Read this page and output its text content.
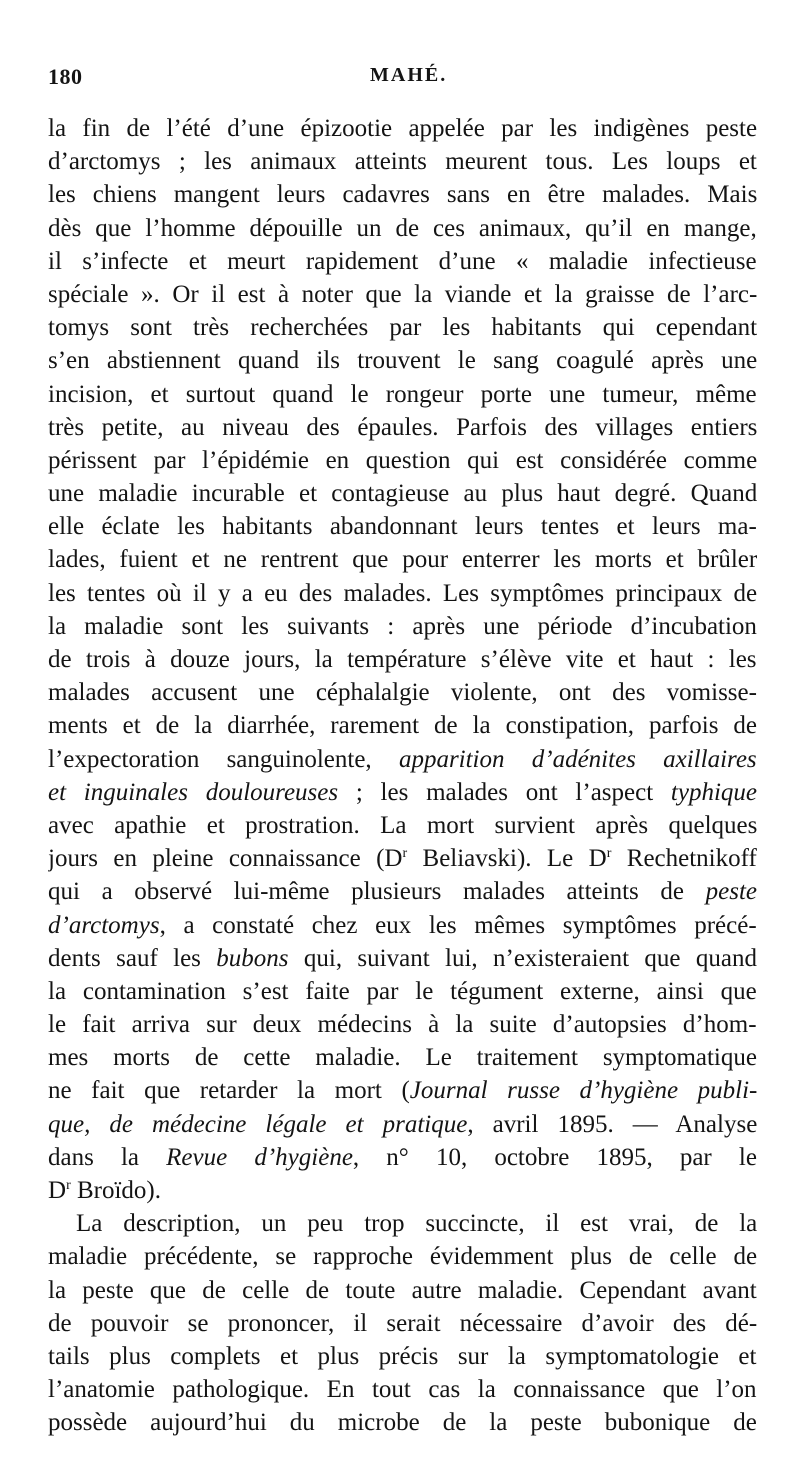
180	MAHÉ.
la fin de l’été d’une épizootie appelée par les indigènes peste
d’arctomys ; les animaux atteints meurent tous. Les loups et
les chiens mangent leurs cadavres sans en être malades. Mais
dès que l’homme dépouille un de ces animaux, qu’il en mange,
il s’infecte et meurt rapidement d’une « maladie infectieuse
spéciale ». Or il est à noter que la viande et la graisse de l’arc-
tomys sont très recherchées par les habitants qui cependant
s’en abstiennent quand ils trouvent le sang coagulé après une
incision, et surtout quand le rongeur porte une tumeur, même
très petite, au niveau des épaules. Parfois des villages entiers
périssent par l’épidémie en question qui est considérée comme
une maladie incurable et contagieuse au plus haut degré. Quand
elle éclate les habitants abandonnant leurs tentes et leurs ma-
lades, fuient et ne rentrent que pour enterrer les morts et brûler
les tentes où il y a eu des malades. Les symptômes principaux de
la maladie sont les suivants : après une période d’incubation
de trois à douze jours, la température s’élève vite et haut : les
malades accusent une céphalalgie violente, ont des vomisse-
ments et de la diarrhée, rarement de la constipation, parfois de
l’expectoration sanguinolente, apparition d’adénites axillaires
et inguinales douloureuses ; les malades ont l’aspect typhique
avec apathie et prostration. La mort survient après quelques
jours en pleine connaissance ($D^r$ Beliavski). Le $D^r$ Rechetnikoff
qui a observé lui-même plusieurs malades atteints de peste
d’arctomys, a constaté chez eux les mêmes symptômes précé-
dents sauf les bubons qui, suivant lui, n’existeraient que quand
la contamination s’est faite par le tégument externe, ainsi que
le fait arriva sur deux médecins à la suite d’autopsies d’hom-
mes morts de cette maladie. Le traitement symptomatique
ne fait que retarder la mort (Journal russe d’hygiène publi-
que, de médecine légale et pratique, avril 1895. — Analyse
dans la Revue d’hygiène, n° 10, octobre 1895, par le
$D^r$ Broïdo).
La description, un peu trop succincte, il est vrai, de la
maladie précédente, se rapproche évidemment plus de celle de
la peste que de celle de toute autre maladie. Cependant avant
de pouvoir se prononcer, il serait nécessaire d’avoir des dé-
tails plus complets et plus précis sur la symptomatologie et
l’anatomie pathologique. En tout cas la connaissance que l’on
possède aujourd’hui du microbe de la peste bubonique de
